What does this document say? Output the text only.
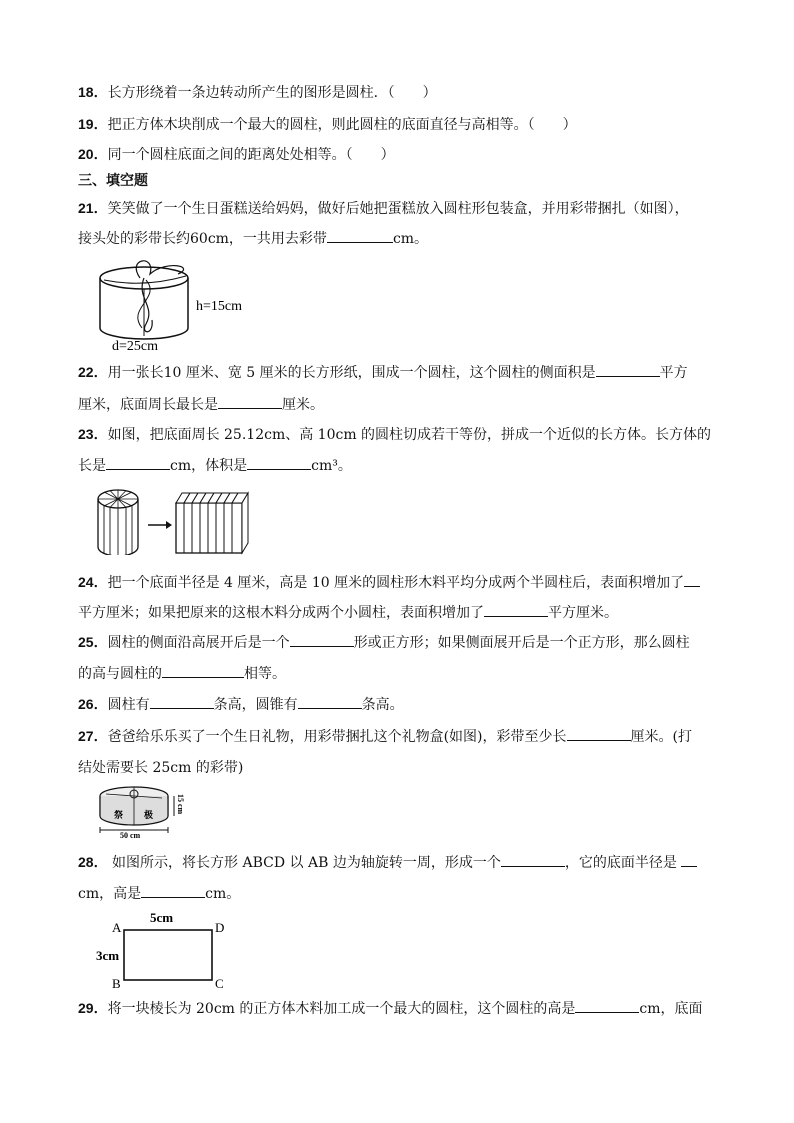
18．长方形绕着一条边转动所产生的图形是圆柱．（　　）
19．把正方体木块削成一个最大的圆柱，则此圆柱的底面直径与高相等。（　　）
20．同一个圆柱底面之间的距离处处相等。（　　）
三、填空题
21．笑笑做了一个生日蛋糕送给妈妈，做好后她把蛋糕放入圆柱形包装盒，并用彩带捆扎（如图），
接头处的彩带长约60cm，一共用去彩带	cm。
h=15cm
d=25cm
22．用一张长10 厘米、宽 5 厘米的长方形纸，围成一个圆柱，这个圆柱的侧面积是	平方
厘米，底面周长最长是	厘米。
23．如图，把底面周长 25.12cm、高 10cm 的圆柱切成若干等份，拼成一个近似的长方体。长方体的
长是	cm，体积是	cm³。
24．把一个底面半径是 4 厘米，高是 10 厘米的圆柱形木料平均分成两个半圆柱后，表面积增加了
平方厘米；如果把原来的这根木料分成两个小圆柱，表面积增加了	平方厘米。
25．圆柱的侧面沿高展开后是一个	形或正方形；如果侧面展开后是一个正方形，那么圆柱
的高与圆柱的	相等。
26．圆柱有	条高，圆锥有	条高。
27．爸爸给乐乐买了一个生日礼物，用彩带捆扎这个礼物盒(如图)，彩带至少长	厘米。(打
结处需要长 25cm 的彩带)
祭 极
50 cm
15 cm
28． 如图所示，将长方形 ABCD 以 AB 边为轴旋转一周，形成一个	，它的底面半径是
cm，高是	cm。
5cm
3cm
A
B	C
D
29．将一块棱长为 20cm 的正方体木料加工成一个最大的圆柱，这个圆柱的高是	cm，底面
